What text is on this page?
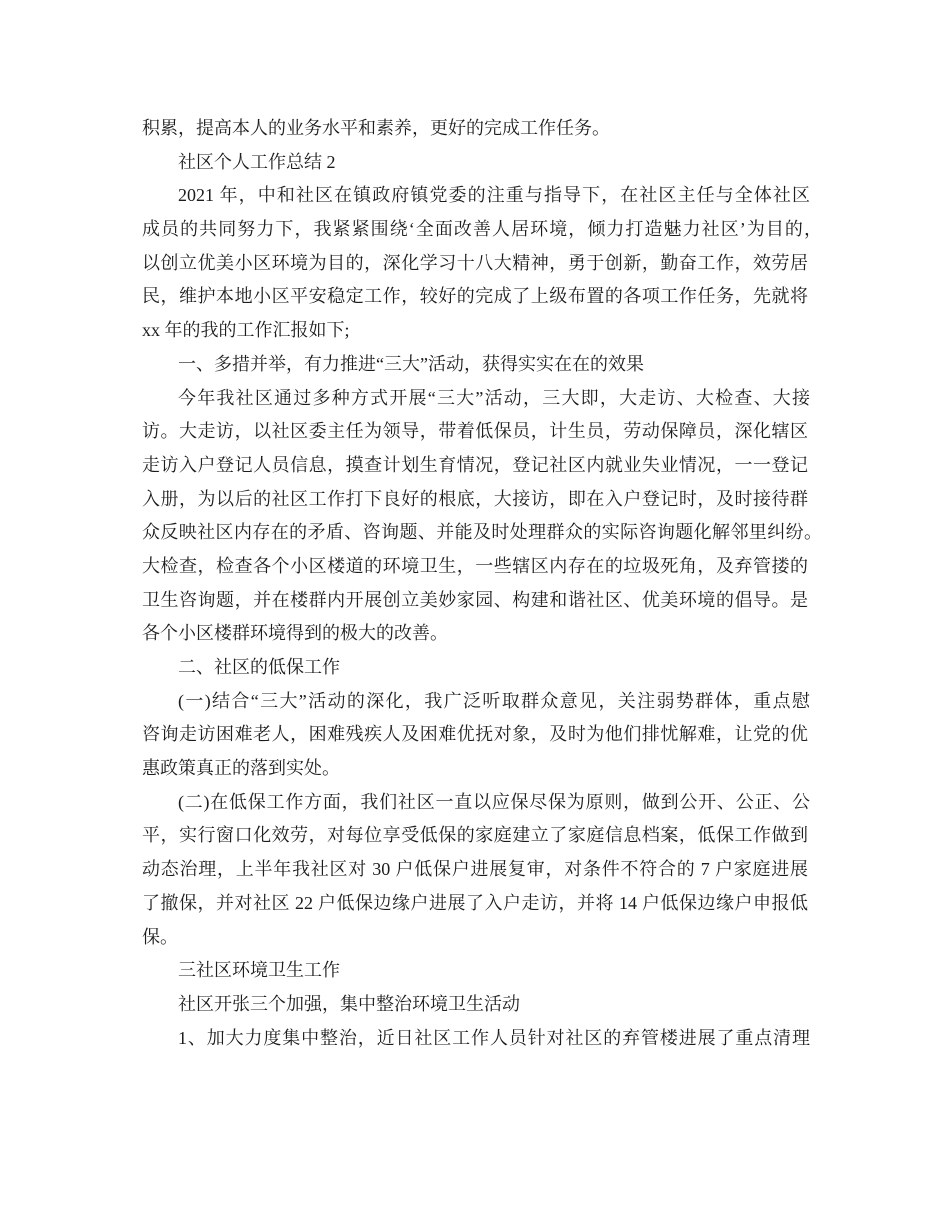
积累，提高本人的业务水平和素养，更好的完成工作任务。
社区个人工作总结 2
2021 年，中和社区在镇政府镇党委的注重与指导下，在社区主任与全体社区
成员的共同努力下，我紧紧围绕‘全面改善人居环境，倾力打造魅力社区’为目的，
以创立优美小区环境为目的，深化学习十八大精神，勇于创新，勤奋工作，效劳居
民，维护本地小区平安稳定工作，较好的完成了上级布置的各项工作任务，先就将
xx 年的我的工作汇报如下;
一、多措并举，有力推进“三大”活动，获得实实在在的效果
今年我社区通过多种方式开展“三大”活动，三大即，大走访、大检查、大接
访。大走访，以社区委主任为领导，带着低保员，计生员，劳动保障员，深化辖区
走访入户登记人员信息，摸查计划生育情况，登记社区内就业失业情况，一一登记
入册，为以后的社区工作打下良好的根底，大接访，即在入户登记时，及时接待群
众反映社区内存在的矛盾、咨询题、并能及时处理群众的实际咨询题化解邻里纠纷。
大检查，检查各个小区楼道的环境卫生，一些辖区内存在的垃圾死角，及弃管搂的
卫生咨询题，并在楼群内开展创立美妙家园、构建和谐社区、优美环境的倡导。是
各个小区楼群环境得到的极大的改善。
二、社区的低保工作
(一)结合“三大”活动的深化，我广泛听取群众意见，关注弱势群体，重点慰
咨询走访困难老人，困难残疾人及困难优抚对象，及时为他们排忧解难，让党的优
惠政策真正的落到实处。
(二)在低保工作方面，我们社区一直以应保尽保为原则，做到公开、公正、公
平，实行窗口化效劳，对每位享受低保的家庭建立了家庭信息档案，低保工作做到
动态治理，上半年我社区对 30 户低保户进展复审，对条件不符合的 7 户家庭进展
了撤保，并对社区 22 户低保边缘户进展了入户走访，并将 14 户低保边缘户申报低
保。
三社区环境卫生工作
社区开张三个加强，集中整治环境卫生活动
1、加大力度集中整治，近日社区工作人员针对社区的弃管楼进展了重点清理
